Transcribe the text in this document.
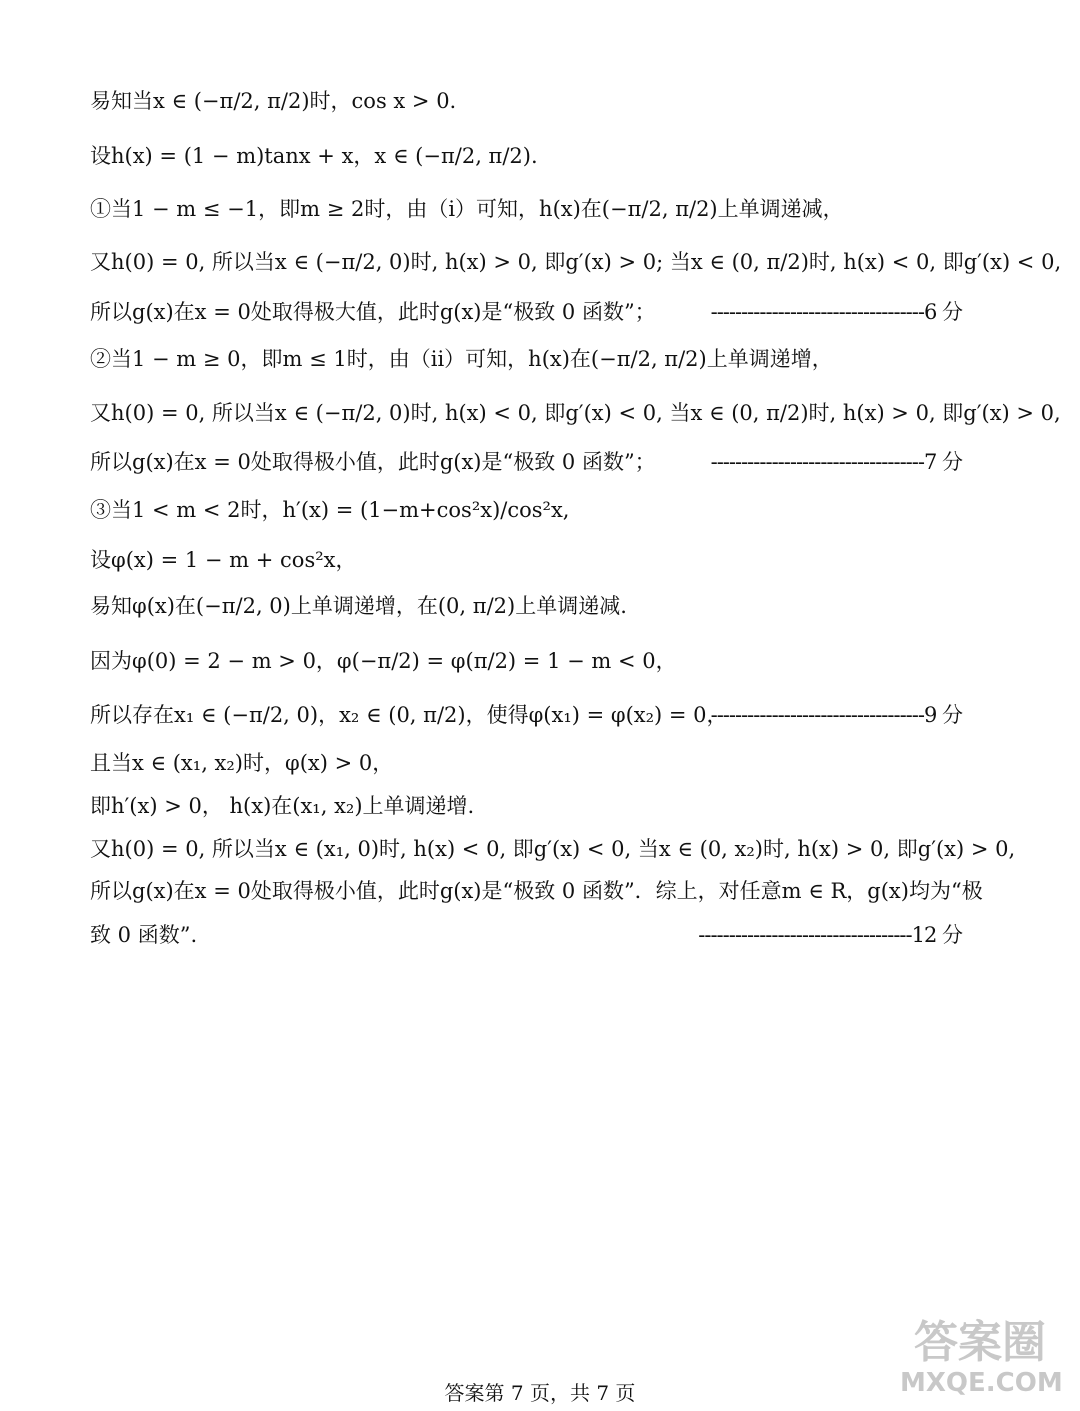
易知当x ∈ (−π/2, π/2)时，cos x > 0.
设h(x) = (1 − m)tanx + x，x ∈ (−π/2, π/2).
①当1 − m ≤ −1，即m ≥ 2时，由（i）可知，h(x)在(−π/2, π/2)上单调递减，
又h(0) = 0, 所以当x ∈ (−π/2, 0)时, h(x) > 0, 即g′(x) > 0; 当x ∈ (0, π/2)时, h(x) < 0, 即g′(x) < 0,
所以g(x)在x = 0处取得极大值，此时g(x)是“极致 0 函数”；	-----------------------------------6 分
②当1 − m ≥ 0，即m ≤ 1时，由（ii）可知，h(x)在(−π/2, π/2)上单调递增，
又h(0) = 0, 所以当x ∈ (−π/2, 0)时, h(x) < 0, 即g′(x) < 0, 当x ∈ (0, π/2)时, h(x) > 0, 即g′(x) > 0,
所以g(x)在x = 0处取得极小值，此时g(x)是“极致 0 函数”；	-----------------------------------7 分
③当1 < m < 2时，h′(x) = (1−m+cos²x)/cos²x,
设φ(x) = 1 − m + cos²x，
易知φ(x)在(−π/2, 0)上单调递增，在(0, π/2)上单调递减.
因为φ(0) = 2 − m > 0，φ(−π/2) = φ(π/2) = 1 − m < 0，
所以存在x₁ ∈ (−π/2, 0)，x₂ ∈ (0, π/2)，使得φ(x₁) = φ(x₂) = 0，
-----------------------------------9 分
且当x ∈ (x₁, x₂)时，φ(x) > 0，
即h′(x) > 0， h(x)在(x₁, x₂)上单调递增.
又h(0) = 0, 所以当x ∈ (x₁, 0)时, h(x) < 0, 即g′(x) < 0, 当x ∈ (0, x₂)时, h(x) > 0, 即g′(x) > 0,
所以g(x)在x = 0处取得极小值，此时g(x)是“极致 0 函数”．综上，对任意m ∈ R，g(x)均为“极
致 0 函数”.	-----------------------------------12 分
答案圈
MXQE.COM
答案第 7 页，共 7 页
